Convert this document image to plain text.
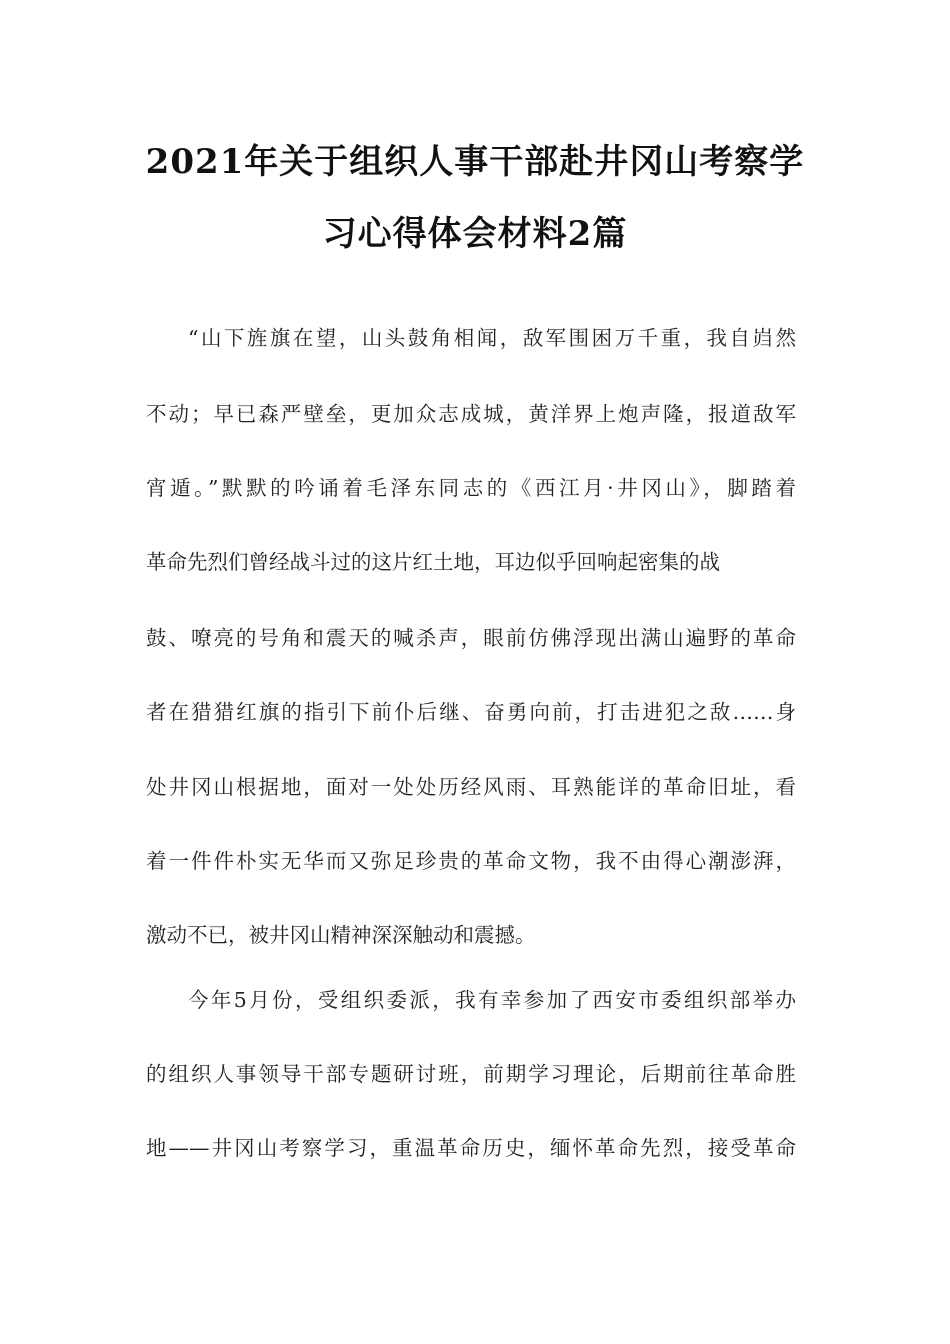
2021年关于组织人事干部赴井冈山考察学
习心得体会材料2篇
“山下旌旗在望，山头鼓角相闻，敌军围困万千重，我自岿然
不动；早已森严壁垒，更加众志成城，黄洋界上炮声隆，报道敌军
宵遁。”默默的吟诵着毛泽东同志的《西江月·井冈山》，脚踏着
革命先烈们曾经战斗过的这片红土地，耳边似乎回响起密集的战
鼓、嘹亮的号角和震天的喊杀声，眼前仿佛浮现出满山遍野的革命
者在猎猎红旗的指引下前仆后继、奋勇向前，打击进犯之敌……身
处井冈山根据地，面对一处处历经风雨、耳熟能详的革命旧址，看
着一件件朴实无华而又弥足珍贵的革命文物，我不由得心潮澎湃，
激动不已，被井冈山精神深深触动和震撼。
今年5月份，受组织委派，我有幸参加了西安市委组织部举办
的组织人事领导干部专题研讨班，前期学习理论，后期前往革命胜
地——井冈山考察学习，重温革命历史，缅怀革命先烈，接受革命
